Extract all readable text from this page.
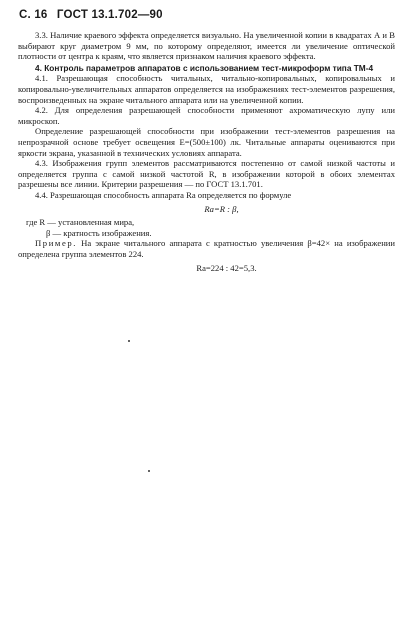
С. 16 ГОСТ 13.1.702—90

3.3. Наличие краевого эффекта определяется визуально. На увеличенной копии в квадратах А и В выбирают круг диаметром 9 мм, по которому определяют, имеется ли увеличение оптической плотности от центра к краям, что является признаком наличия краевого эффекта.

4. Контроль параметров аппаратов с использованием тест-микроформ типа ТМ-4

4.1. Разрешающая способность читальных, читально-копировальных, копировальных и копировально-увеличительных аппаратов определяется на изображениях тест-элементов разрешения, воспроизведенных на экране читального аппарата или на увеличенной копии.

4.2. Для определения разрешающей способности применяют ахроматическую лупу или микроскоп.

Определение разрешающей способности при изображении тест-элементов разрешения на непрозрачной основе требует освещения Е=(500±100) лк. Читальные аппараты оцениваются при яркости экрана, указанной в технических условиях аппарата.

4.3. Изображения групп элементов рассматриваются постепенно от самой низкой частоты и определяется группа с самой низкой частотой R, в изображении которой в обоих элементах разрешены все линии. Критерии разрешения — по ГОСТ 13.1.701.

4.4. Разрешающая способность аппарата Rа определяется по формуле

Rа=R : β,

где R — установленная мира,

β — кратность изображения.

Пример. На экране читального аппарата с кратностью увеличения β=42× на изображении определена группа элементов 224.

Rа=224 : 42=5,3.
